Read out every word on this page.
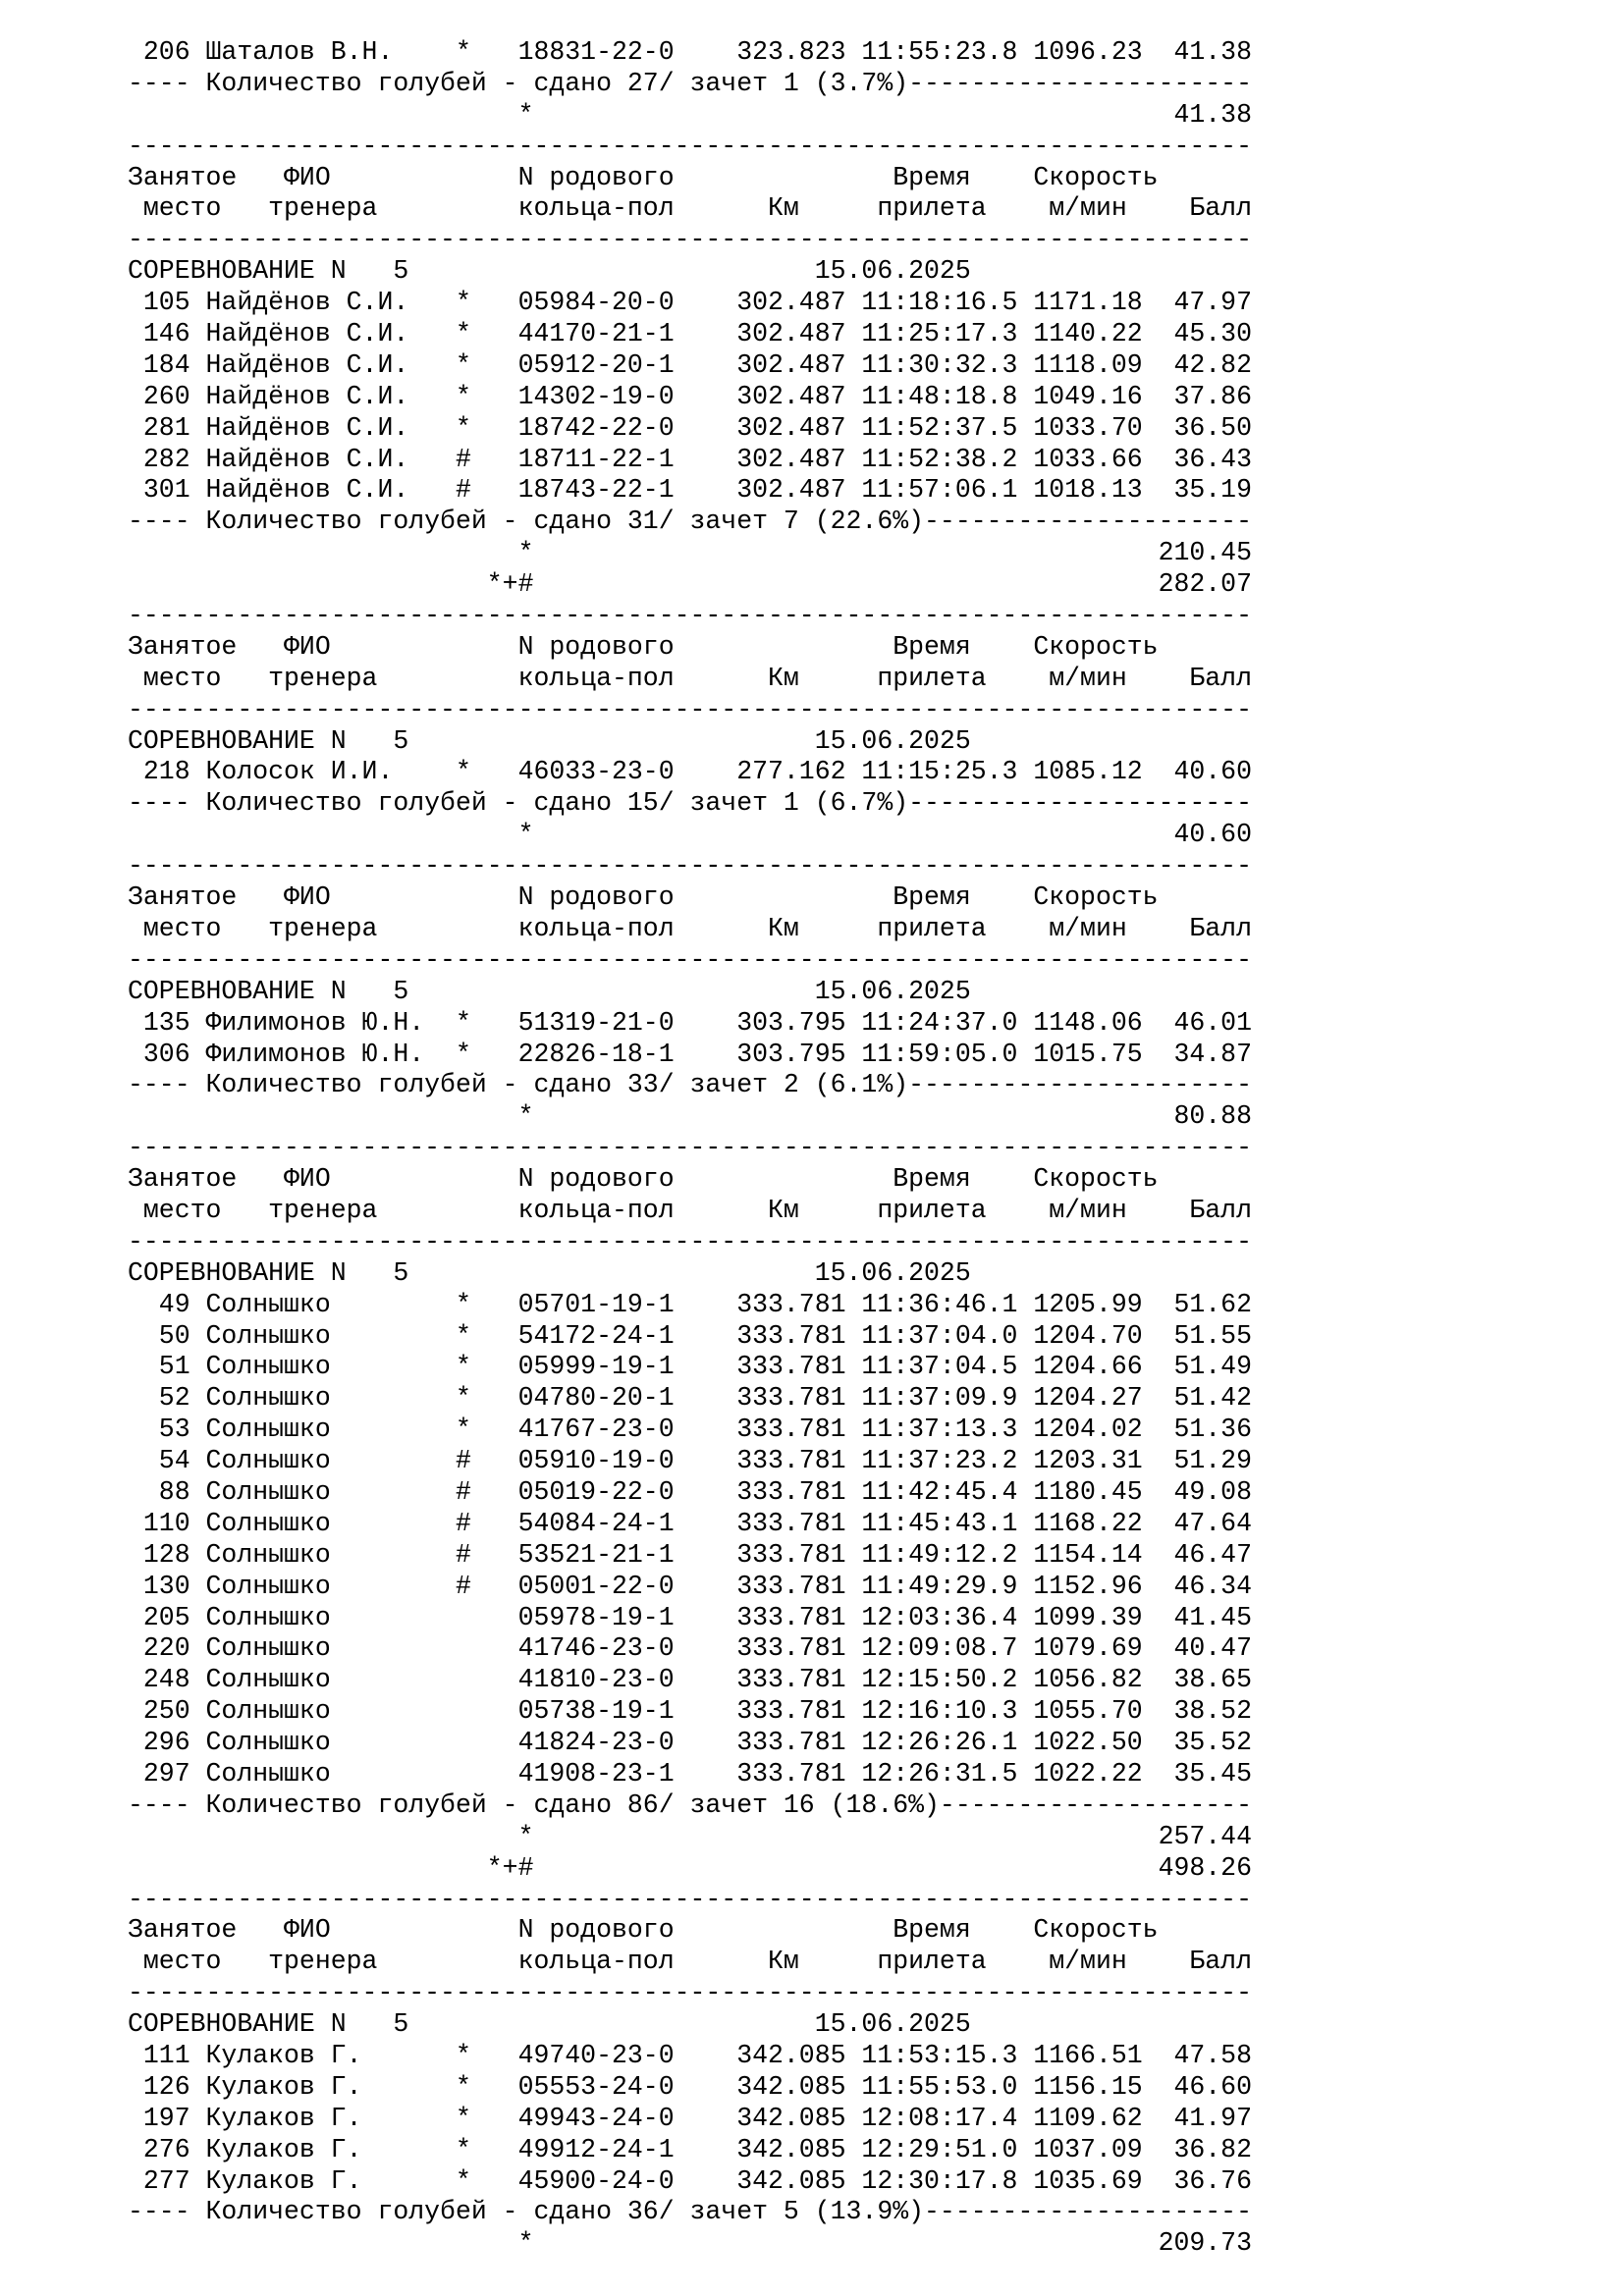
206 Шаталов В.Н.    *   18831-22-0    323.823 11:55:23.8 1096.23  41.38
---- Количество голубей - сдано 27/ зачет 1 (3.7%)----------------------
*                                         41.38
------------------------------------------------------------------------
Занятое   ФИО            N родового              Время    Скорость
место   тренера         кольца-пол      Км     прилета    м/мин    Балл
------------------------------------------------------------------------
СОРЕВНОВАНИЕ N   5                          15.06.2025
105 Найдёнов С.И.   *   05984-20-0    302.487 11:18:16.5 1171.18  47.97
146 Найдёнов С.И.   *   44170-21-1    302.487 11:25:17.3 1140.22  45.30
184 Найдёнов С.И.   *   05912-20-1    302.487 11:30:32.3 1118.09  42.82
260 Найдёнов С.И.   *   14302-19-0    302.487 11:48:18.8 1049.16  37.86
281 Найдёнов С.И.   *   18742-22-0    302.487 11:52:37.5 1033.70  36.50
282 Найдёнов С.И.   #   18711-22-1    302.487 11:52:38.2 1033.66  36.43
301 Найдёнов С.И.   #   18743-22-1    302.487 11:57:06.1 1018.13  35.19
---- Количество голубей - сдано 31/ зачет 7 (22.6%)---------------------
*                                        210.45
*+#                                        282.07
------------------------------------------------------------------------
Занятое   ФИО            N родового              Время    Скорость
место   тренера         кольца-пол      Км     прилета    м/мин    Балл
------------------------------------------------------------------------
СОРЕВНОВАНИЕ N   5                          15.06.2025
218 Колосок И.И.    *   46033-23-0    277.162 11:15:25.3 1085.12  40.60
---- Количество голубей - сдано 15/ зачет 1 (6.7%)----------------------
*                                         40.60
------------------------------------------------------------------------
Занятое   ФИО            N родового              Время    Скорость
место   тренера         кольца-пол      Км     прилета    м/мин    Балл
------------------------------------------------------------------------
СОРЕВНОВАНИЕ N   5                          15.06.2025
135 Филимонов Ю.Н.  *   51319-21-0    303.795 11:24:37.0 1148.06  46.01
306 Филимонов Ю.Н.  *   22826-18-1    303.795 11:59:05.0 1015.75  34.87
---- Количество голубей - сдано 33/ зачет 2 (6.1%)----------------------
*                                         80.88
------------------------------------------------------------------------
Занятое   ФИО            N родового              Время    Скорость
место   тренера         кольца-пол      Км     прилета    м/мин    Балл
------------------------------------------------------------------------
СОРЕВНОВАНИЕ N   5                          15.06.2025
49 Солнышко        *   05701-19-1    333.781 11:36:46.1 1205.99  51.62
50 Солнышко        *   54172-24-1    333.781 11:37:04.0 1204.70  51.55
51 Солнышко        *   05999-19-1    333.781 11:37:04.5 1204.66  51.49
52 Солнышко        *   04780-20-1    333.781 11:37:09.9 1204.27  51.42
53 Солнышко        *   41767-23-0    333.781 11:37:13.3 1204.02  51.36
54 Солнышко        #   05910-19-0    333.781 11:37:23.2 1203.31  51.29
88 Солнышко        #   05019-22-0    333.781 11:42:45.4 1180.45  49.08
110 Солнышко        #   54084-24-1    333.781 11:45:43.1 1168.22  47.64
128 Солнышко        #   53521-21-1    333.781 11:49:12.2 1154.14  46.47
130 Солнышко        #   05001-22-0    333.781 11:49:29.9 1152.96  46.34
205 Солнышко            05978-19-1    333.781 12:03:36.4 1099.39  41.45
220 Солнышко            41746-23-0    333.781 12:09:08.7 1079.69  40.47
248 Солнышко            41810-23-0    333.781 12:15:50.2 1056.82  38.65
250 Солнышко            05738-19-1    333.781 12:16:10.3 1055.70  38.52
296 Солнышко            41824-23-0    333.781 12:26:26.1 1022.50  35.52
297 Солнышко            41908-23-1    333.781 12:26:31.5 1022.22  35.45
---- Количество голубей - сдано 86/ зачет 16 (18.6%)--------------------
*                                        257.44
*+#                                        498.26
------------------------------------------------------------------------
Занятое   ФИО            N родового              Время    Скорость
место   тренера         кольца-пол      Км     прилета    м/мин    Балл
------------------------------------------------------------------------
СОРЕВНОВАНИЕ N   5                          15.06.2025
111 Кулаков Г.      *   49740-23-0    342.085 11:53:15.3 1166.51  47.58
126 Кулаков Г.      *   05553-24-0    342.085 11:55:53.0 1156.15  46.60
197 Кулаков Г.      *   49943-24-0    342.085 12:08:17.4 1109.62  41.97
276 Кулаков Г.      *   49912-24-1    342.085 12:29:51.0 1037.09  36.82
277 Кулаков Г.      *   45900-24-0    342.085 12:30:17.8 1035.69  36.76
---- Количество голубей - сдано 36/ зачет 5 (13.9%)---------------------
*                                        209.73
